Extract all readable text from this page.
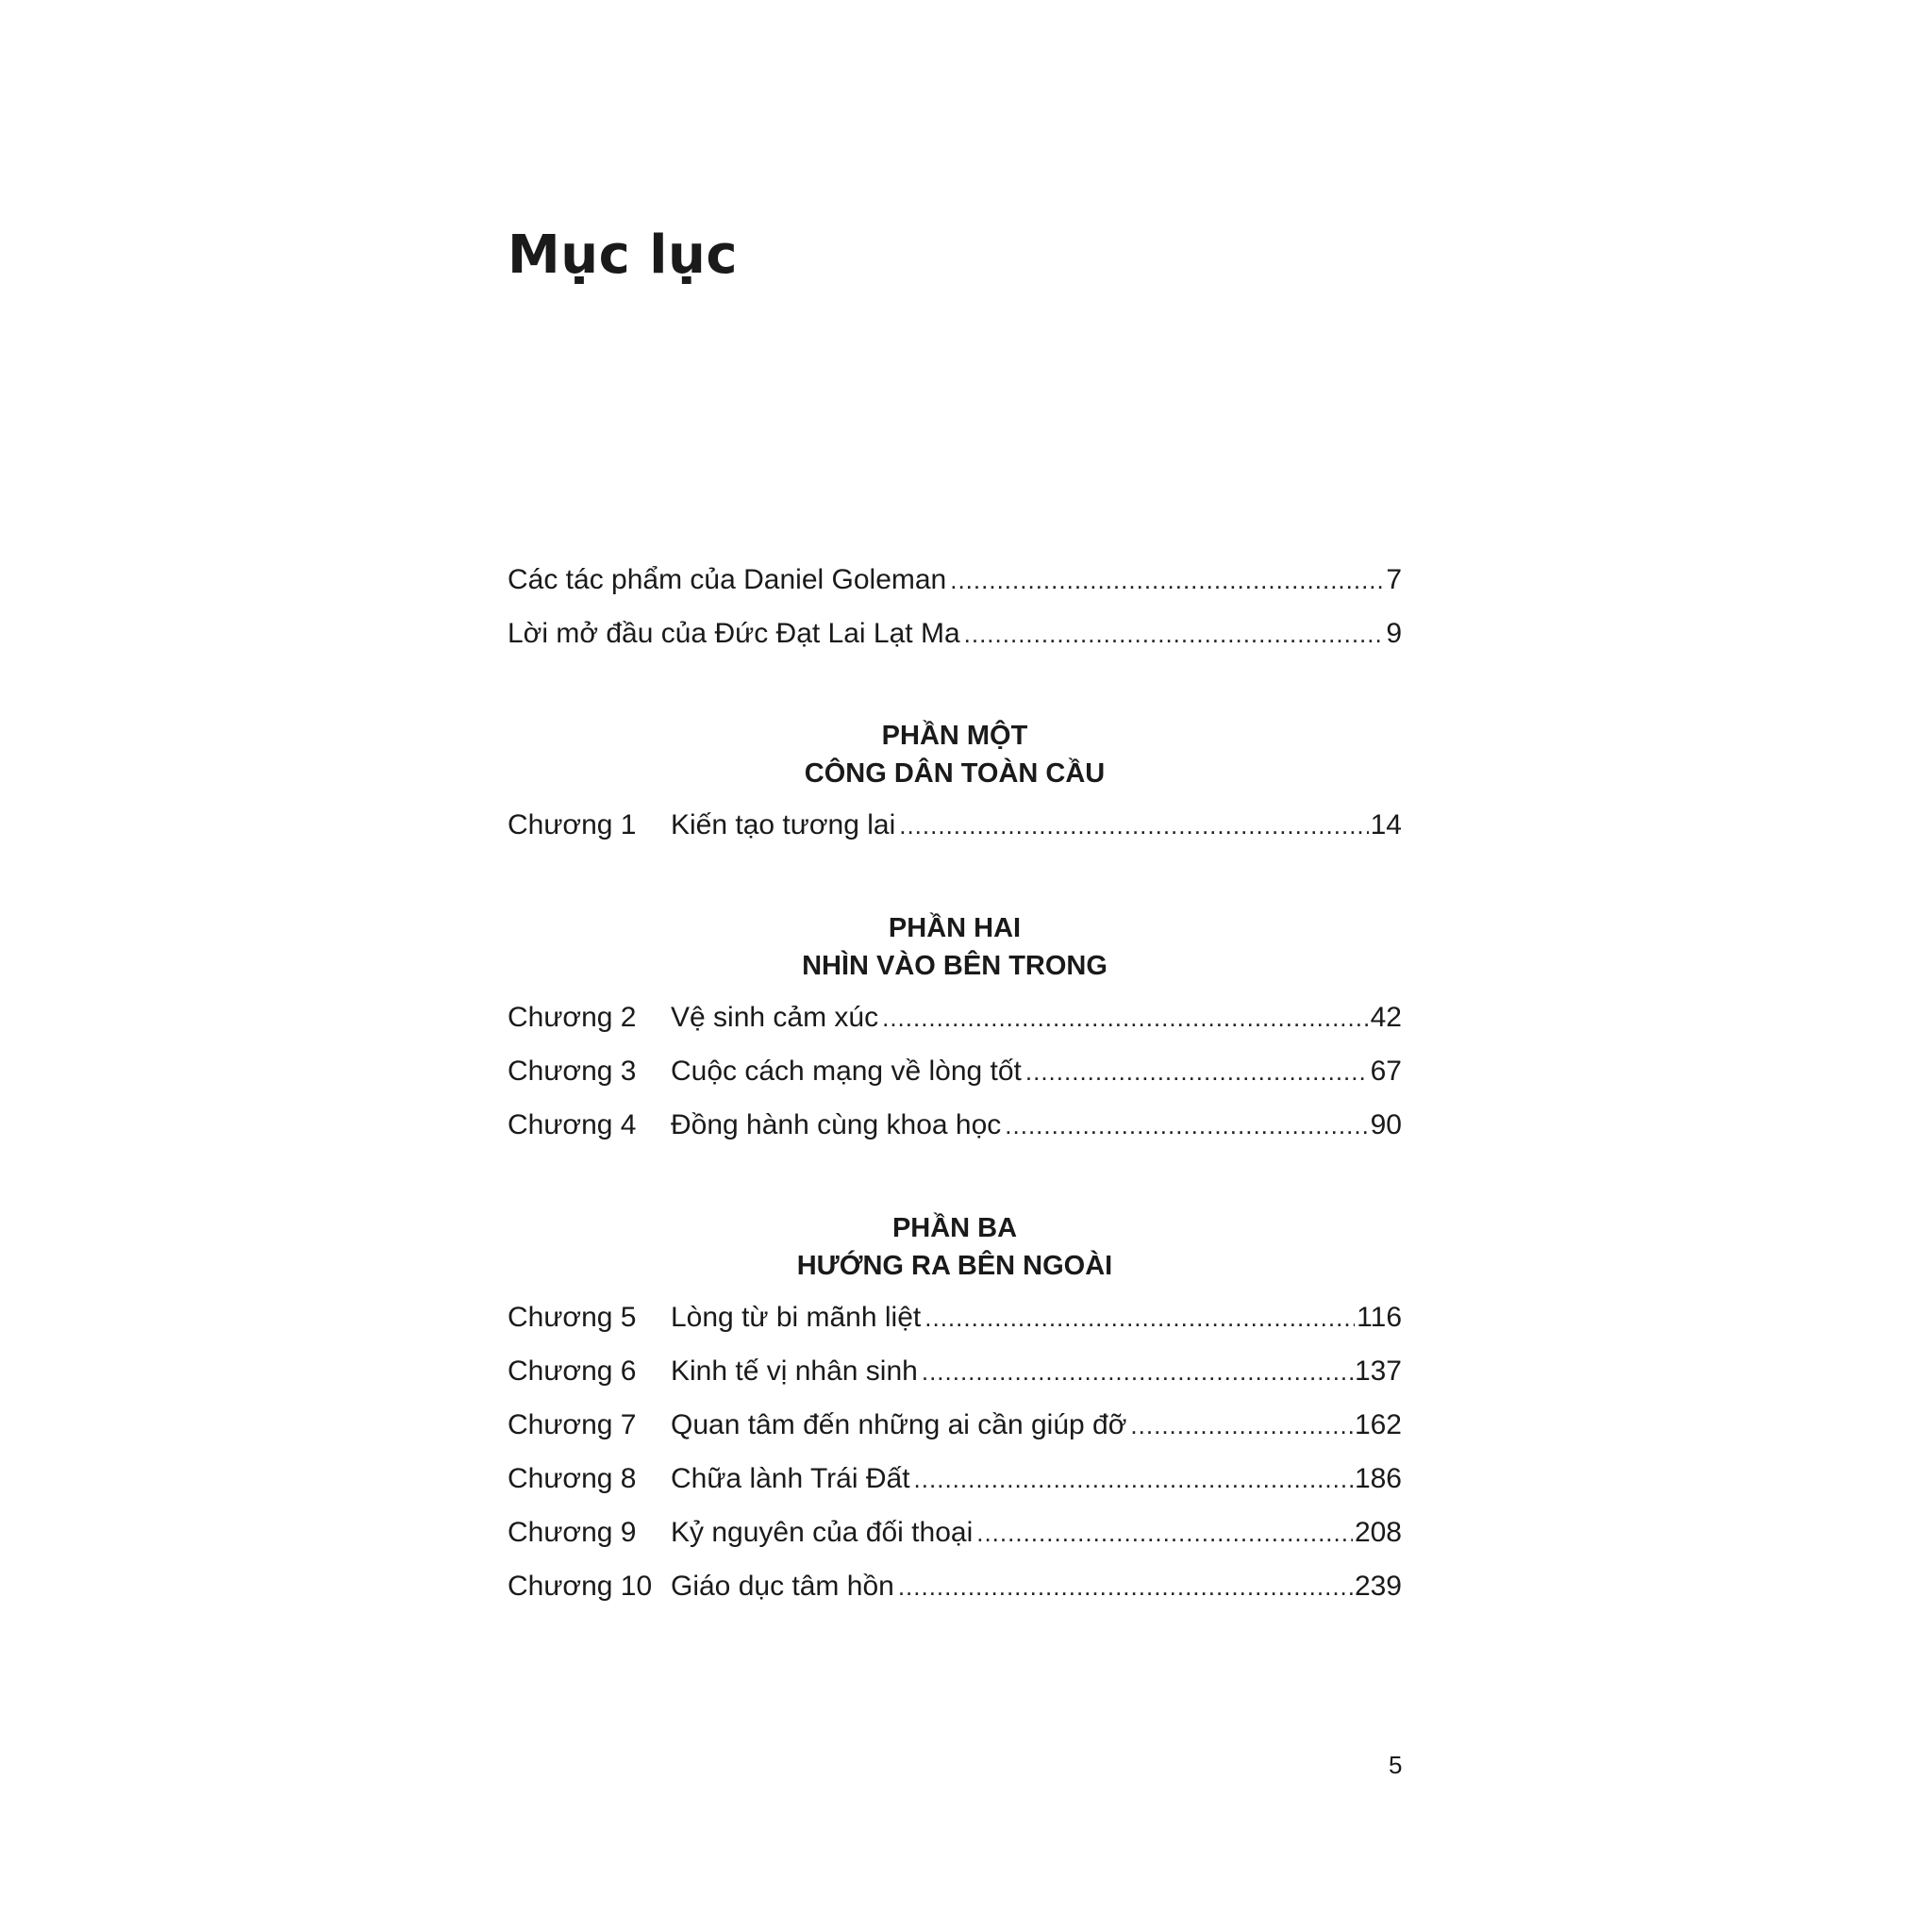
Mục lục
Các tác phẩm của Daniel Goleman .....	7
Lời mở đầu của Đức Đạt Lai Lạt Ma .....	9
PHẦN MỘT
CÔNG DÂN TOÀN CẦU
Chương 1	Kiến tạo tương lai .....	14
PHẦN HAI
NHÌN VÀO BÊN TRONG
Chương 2	Vệ sinh cảm xúc .....	42
Chương 3	Cuộc cách mạng về lòng tốt .....	67
Chương 4	Đồng hành cùng khoa học .....	90
PHẦN BA
HƯỚNG RA BÊN NGOÀI
Chương 5	Lòng từ bi mãnh liệt .....	116
Chương 6	Kinh tế vị nhân sinh .....	137
Chương 7	Quan tâm đến những ai cần giúp đỡ .....	162
Chương 8	Chữa lành Trái Đất .....	186
Chương 9	Kỷ nguyên của đối thoại .....	208
Chương 10 Giáo dục tâm hồn .....	239
5
